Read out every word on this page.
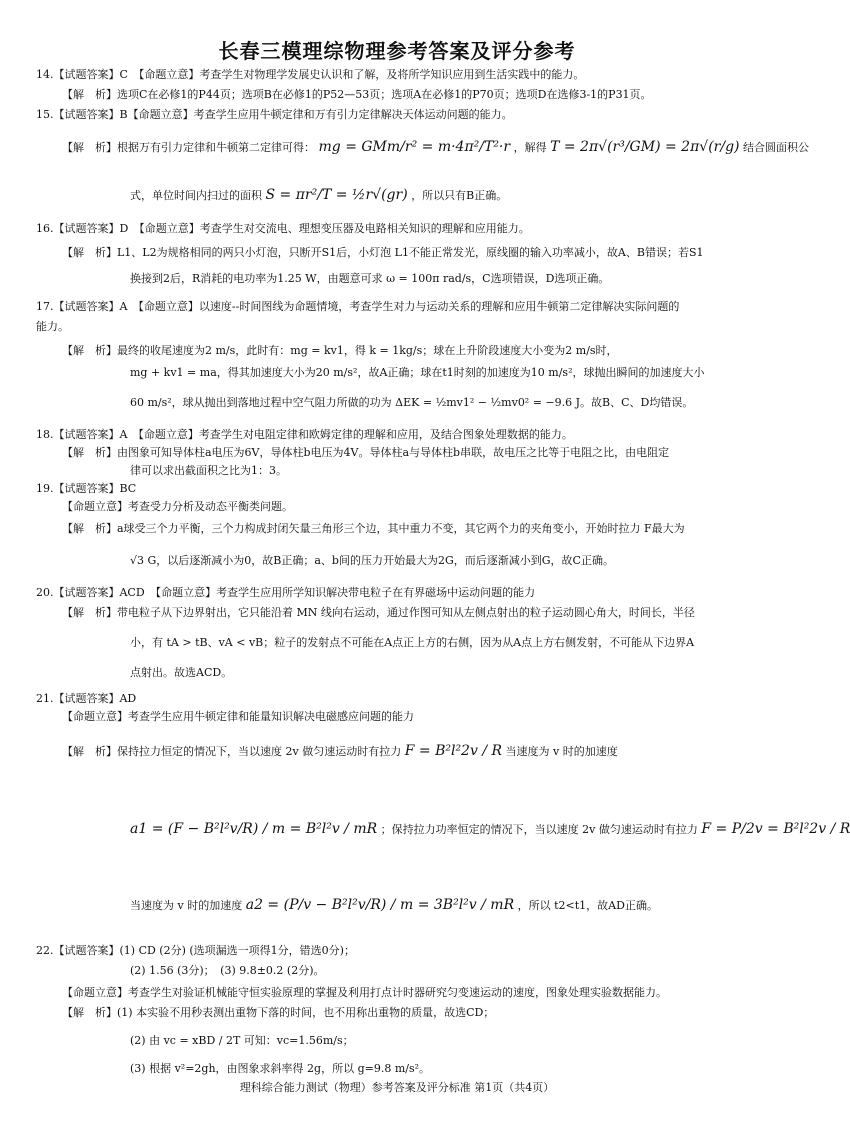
长春三模理综物理参考答案及评分参考
14.【试题答案】C　【命题立意】考查学生对物理学发展史认识和了解，及将所学知识应用到生活实践中的能力。
【解　析】选项C在必修1的P44页；选项B在必修1的P52—53页；选项A在必修1的P70页；选项D在选修3-1的P31页。
15.【试题答案】B【命题立意】考查学生应用牛顿定律和万有引力定律解决天体运动问题的能力。
【解　析】根据万有引力定律和牛顿第二定律可得： mg = GMm/r² = m·4π²/T²·r ，解得 T = 2π√(r³/GM) = 2π√(r/g) 结合圆面积公
式，单位时间内扫过的面积 S = πr²/T = ½r√(gr) ，所以只有B正确。
16.【试题答案】D　【命题立意】考查学生对交流电、理想变压器及电路相关知识的理解和应用能力。
【解　析】L1、L2为规格相同的两只小灯泡，只断开S1后，小灯泡 L1不能正常发光，原线圈的输入功率减小，故A、B错误；若S1
换接到2后，R消耗的电功率为1.25 W，由题意可求 ω = 100π rad/s，C选项错误，D选项正确。
17.【试题答案】A　【命题立意】以速度--时间图线为命题情境，考查学生对力与运动关系的理解和应用牛顿第二定律解决实际问题的
能力。
【解　析】最终的收尾速度为2 m/s，此时有：mg = kv1，得 k = 1kg/s；球在上升阶段速度大小变为2 m/s时，
mg + kv1 = ma，得其加速度大小为20 m/s²，故A正确；球在t1时刻的加速度为10 m/s²，球抛出瞬间的加速度大小
60 m/s²，球从抛出到落地过程中空气阻力所做的功为 ΔEK = ½mv1² − ½mv0² = −9.6 J。故B、C、D均错误。
18.【试题答案】A　【命题立意】考查学生对电阻定律和欧姆定律的理解和应用，及结合图象处理数据的能力。
【解　析】由图象可知导体柱a电压为6V，导体柱b电压为4V。导体柱a与导体柱b串联，故电压之比等于电阻之比，由电阻定
律可以求出截面积之比为1：3。
19.【试题答案】BC
【命题立意】考查受力分析及动态平衡类问题。
【解　析】a球受三个力平衡，三个力构成封闭矢量三角形三个边，其中重力不变，其它两个力的夹角变小，开始时拉力 F最大为
√3 G，以后逐渐减小为0，故B正确；a、b间的压力开始最大为2G，而后逐渐减小到G，故C正确。
20.【试题答案】ACD　【命题立意】考查学生应用所学知识解决带电粒子在有界磁场中运动问题的能力
【解　析】带电粒子从下边界射出，它只能沿着 MN 线向右运动，通过作图可知从左侧点射出的粒子运动圆心角大，时间长，半径
小，有 tA > tB、vA < vB；粒子的发射点不可能在A点正上方的右侧，因为从A点上方右侧发射，不可能从下边界A
点射出。故选ACD。
21.【试题答案】AD
【命题立意】考查学生应用牛顿定律和能量知识解决电磁感应问题的能力
【解　析】保持拉力恒定的情况下，当以速度 2v 做匀速运动时有拉力 F = B²l²2v / R 当速度为 v 时的加速度
a1 = (F − B²l²v/R) / m = B²l²v / mR ；保持拉力功率恒定的情况下，当以速度 2v 做匀速运动时有拉力 F = P/2v = B²l²2v / R
当速度为 v 时的加速度 a2 = (P/v − B²l²v/R) / m = 3B²l²v / mR ，所以 t2<t1，故AD正确。
22.【试题答案】(1) CD (2分) (选项漏选一项得1分，错选0分)；
(2) 1.56 (3分)；　(3) 9.8±0.2 (2分)。
【命题立意】考查学生对验证机械能守恒实验原理的掌握及利用打点计时器研究匀变速运动的速度，图象处理实验数据能力。
【解　析】(1) 本实验不用秒表测出重物下落的时间，也不用称出重物的质量，故选CD；
(2) 由 vc = xBD / 2T 可知：vc=1.56m/s；
(3) 根据 v²=2gh，由图象求斜率得 2g，所以 g=9.8 m/s²。
理科综合能力测试（物理）参考答案及评分标准 第1页（共4页）
